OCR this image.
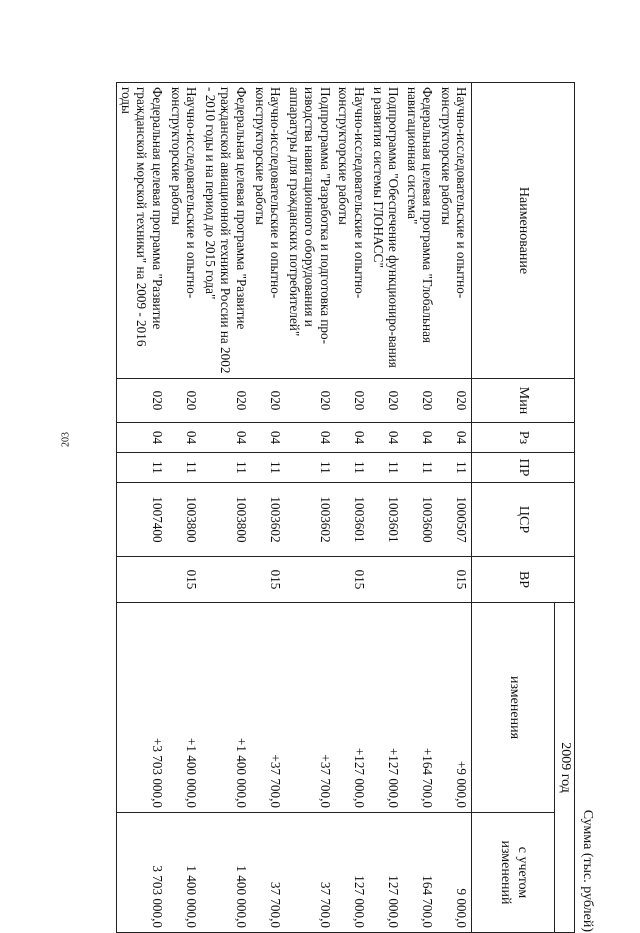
203
Сумма (тыс. рублей)
Наименование	Мин	Рз	ПР	ЦСР	ВР	2009 год	
						изменения	с учетом изменений
Научно-исследовательские и опытно-конструкторские работы	020	04	11	1000507	015	+9 000,0	9 000,0
Федеральная целевая программа "Глобальная навигационная система"	020	04	11	1003600		+164 700,0	164 700,0
Подпрограмма "Обеспечение функциониро-вания и развития системы ГЛОНАСС"	020	04	11	1003601		+127 000,0	127 000,0
Научно-исследовательские и опытно-конструкторские работы	020	04	11	1003601	015	+127 000,0	127 000,0
Подпрограмма "Разработка и подготовка про-изводства навигационного оборудования и аппаратуры для гражданских потребителей"	020	04	11	1003602		+37 700,0	37 700,0
Научно-исследовательские и опытно-конструкторские работы	020	04	11	1003602	015	+37 700,0	37 700,0
Федеральная целевая программа "Развитие гражданской авиационной техники России на 2002 - 2010 годы и на период до 2015 года"	020	04	11	1003800		+1 400 000,0	1 400 000,0
Научно-исследовательские и опытно-конструкторские работы	020	04	11	1003800	015	+1 400 000,0	1 400 000,0
Федеральная целевая программа "Развитие гражданской морской техники" на 2009 - 2016 годы	020	04	11	1007400		+3 703 000,0	3 703 000,0
